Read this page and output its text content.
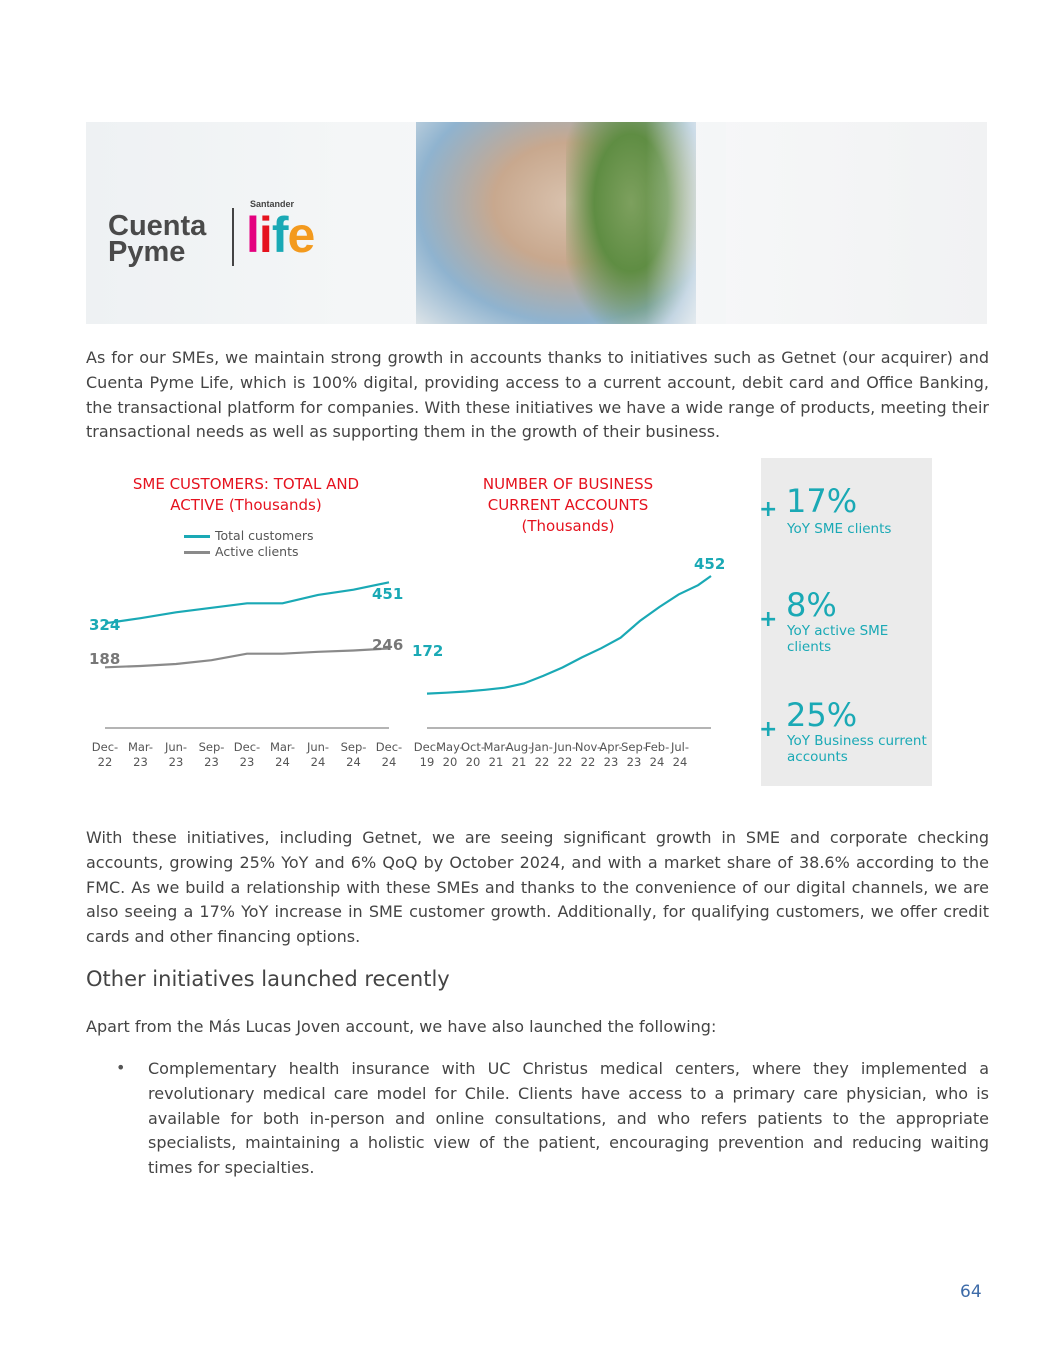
Cuenta
Pyme
Santander
life

As for our SMEs, we maintain strong growth in accounts thanks to initiatives such as Getnet (our acquirer) and Cuenta Pyme Life, which is 100% digital, providing access to a current account, debit card and Office Banking, the transactional platform for companies. With these initiatives we have a wide range of products, meeting their transactional needs as well as supporting them in the growth of their business.

SME CUSTOMERS: TOTAL AND ACTIVE (Thousands)
Total customers
Active clients
324
451
188
246
Dec-
22
Mar-
23
Jun-
23
Sep-
23
Dec-
23
Mar-
24
Jun-
24
Sep-
24
Dec-
24
NUMBER OF BUSINESS CURRENT ACCOUNTS (Thousands)
172
452
Dec-
19
May-
20
Oct-
20
Mar-
21
Aug-
21
Jan-
22
Jun-
22
Nov-
22
Apr-
23
Sep-
23
Feb-
24
Jul-
24
+ 17%
YoY SME clients
+ 8%
YoY active SME clients
+ 25%
YoY Business current accounts

With these initiatives, including Getnet, we are seeing significant growth in SME and corporate checking accounts, growing 25% YoY and 6% QoQ by October 2024, and with a market share of 38.6% according to the FMC. As we build a relationship with these SMEs and thanks to the convenience of our digital channels, we are also seeing a 17% YoY increase in SME customer growth. Additionally, for qualifying customers, we offer credit cards and other financing options.

Other initiatives launched recently

Apart from the Más Lucas Joven account, we have also launched the following:

• Complementary health insurance with UC Christus medical centers, where they implemented a revolutionary medical care model for Chile. Clients have access to a primary care physician, who is available for both in-person and online consultations, and who refers patients to the appropriate specialists, maintaining a holistic view of the patient, encouraging prevention and reducing waiting times for specialties.

64
